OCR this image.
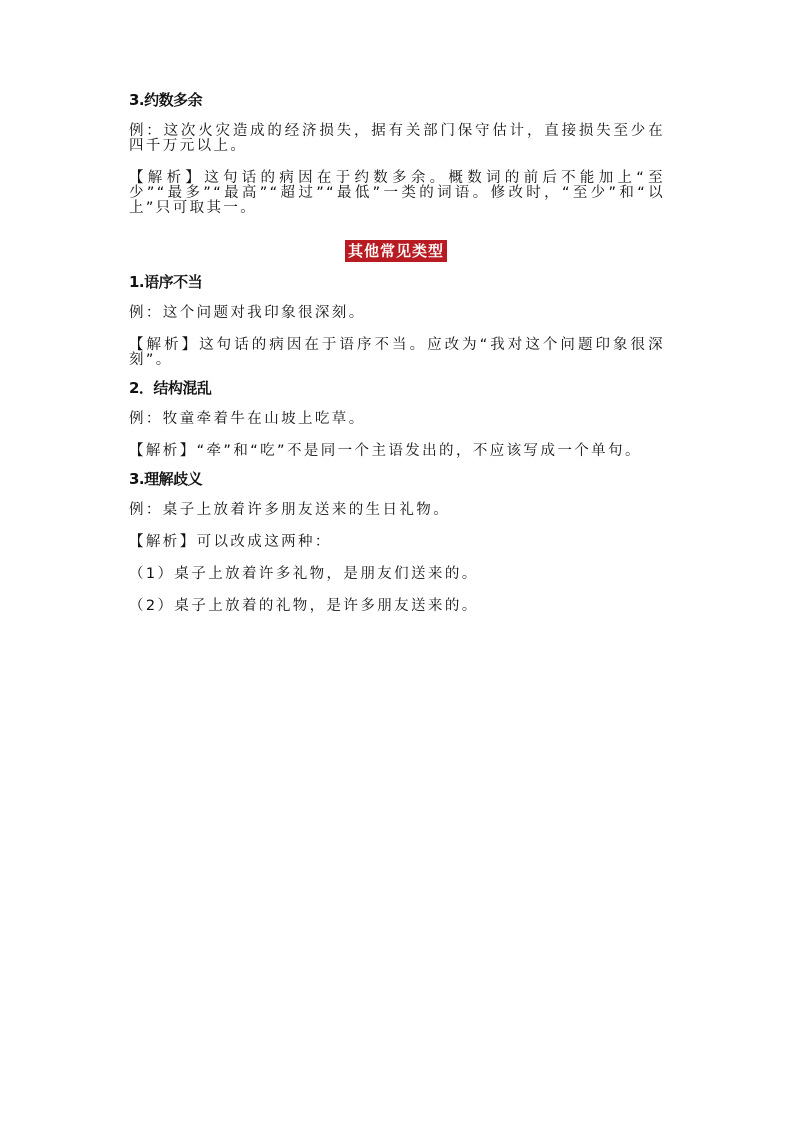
3.约数多余

例：这次火灾造成的经济损失，据有关部门保守估计，直接损失至少在四千万元以上。

【解析】这句话的病因在于约数多余。概数词的前后不能加上“至少”“最多”“最高”“超过”“最低”一类的词语。修改时，“至少”和“以上”只可取其一。

其他常见类型

1.语序不当

例：这个问题对我印象很深刻。

【解析】这句话的病因在于语序不当。应改为“我对这个问题印象很深刻”。

2．结构混乱

例：牧童牵着牛在山坡上吃草。

【解析】“牵”和“吃”不是同一个主语发出的，不应该写成一个单句。

3.理解歧义

例：桌子上放着许多朋友送来的生日礼物。

【解析】可以改成这两种：

（1）桌子上放着许多礼物，是朋友们送来的。

（2）桌子上放着的礼物，是许多朋友送来的。
